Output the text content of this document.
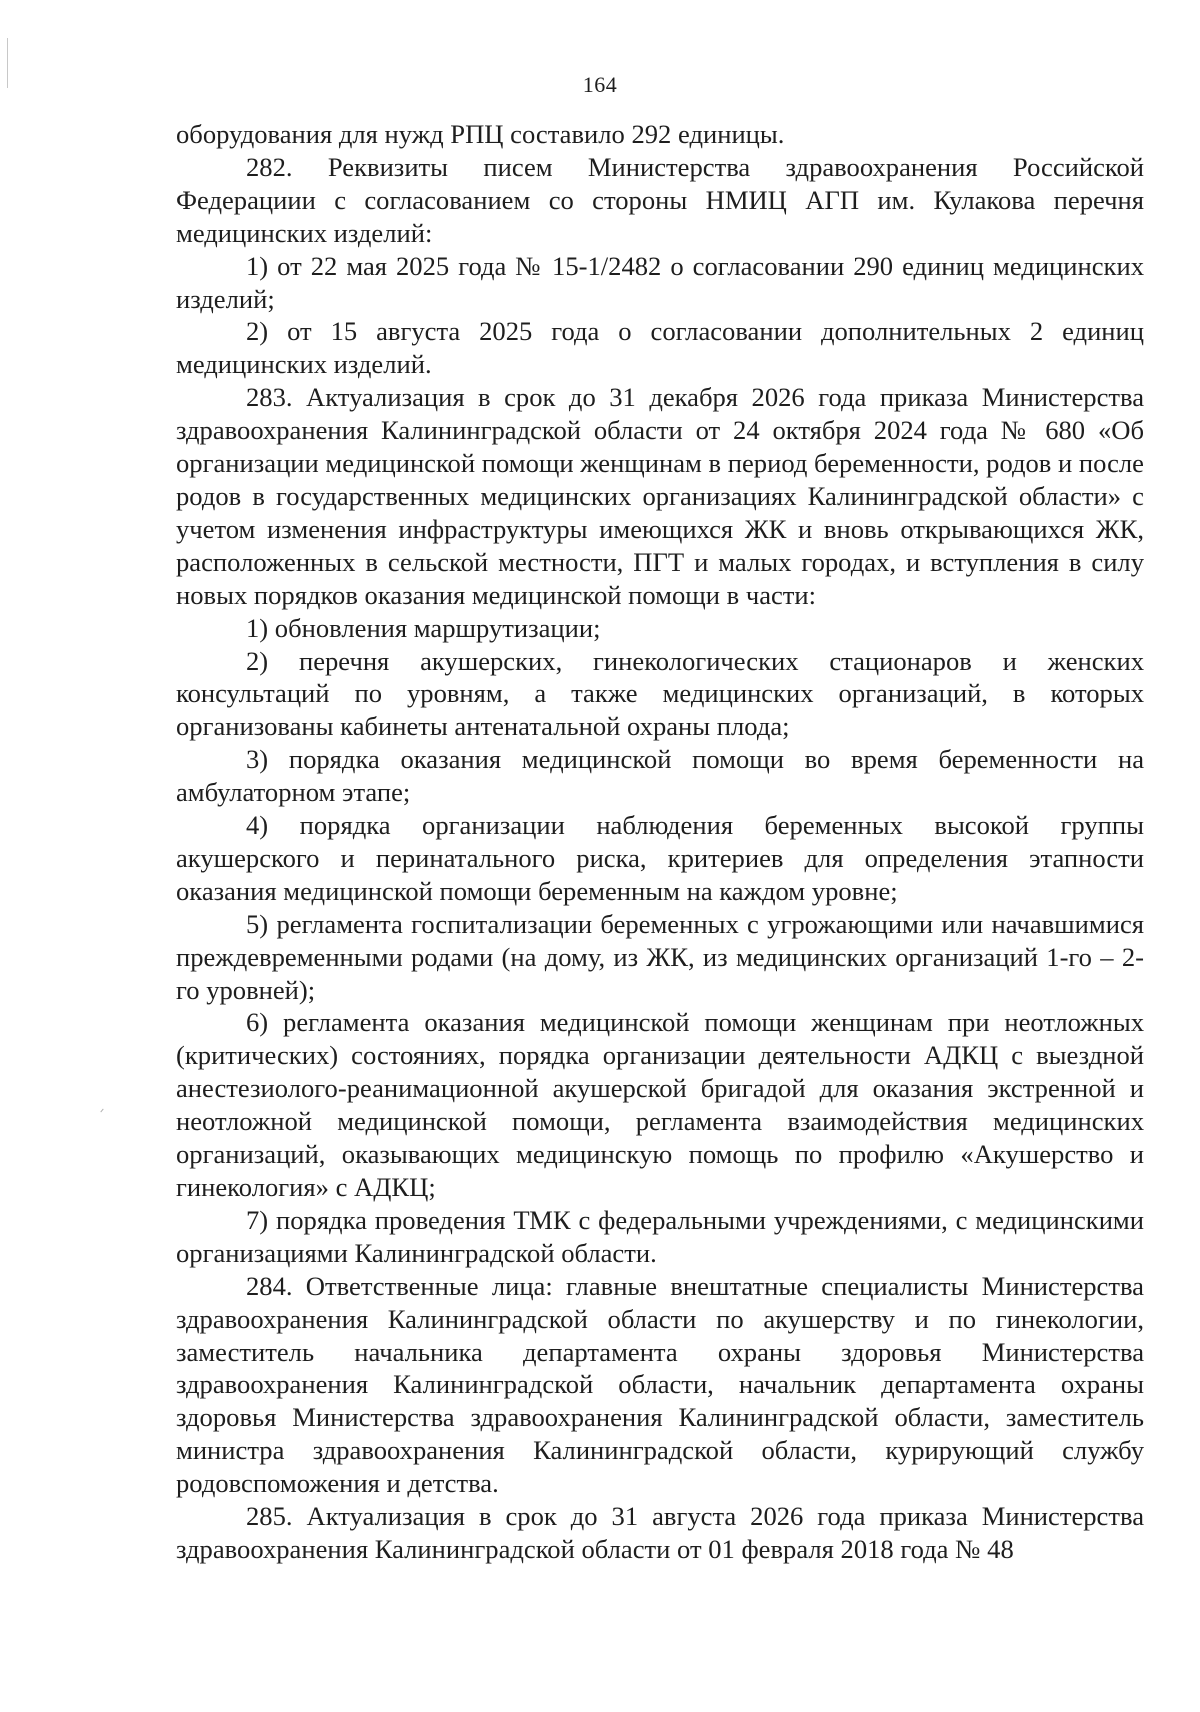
164

оборудования для нужд РПЦ составило 292 единицы.

282. Реквизиты писем Министерства здравоохранения Российской Федерациии с согласованием со стороны НМИЦ АГП им. Кулакова перечня медицинских изделий:

1) от 22 мая 2025 года № 15-1/2482 о согласовании 290 единиц медицинских изделий;

2) от 15 августа 2025 года о согласовании дополнительных 2 единиц медицинских изделий.

283. Актуализация в срок до 31 декабря 2026 года приказа Министерства здравоохранения Калининградской области от 24 октября 2024 года № 680 «Об организации медицинской помощи женщинам в период беременности, родов и после родов в государственных медицинских организациях Калининградской области» с учетом изменения инфраструктуры имеющихся ЖК и вновь открывающихся ЖК, расположенных в сельской местности, ПГТ и малых городах, и вступления в силу новых порядков оказания медицинской помощи в части:

1) обновления маршрутизации;

2) перечня акушерских, гинекологических стационаров и женских консультаций по уровням, а также медицинских организаций, в которых организованы кабинеты антенатальной охраны плода;

3) порядка оказания медицинской помощи во время беременности на амбулаторном этапе;

4) порядка организации наблюдения беременных высокой группы акушерского и перинатального риска, критериев для определения этапности оказания медицинской помощи беременным на каждом уровне;

5) регламента госпитализации беременных с угрожающими или начавшимися преждевременными родами (на дому, из ЖК, из медицинских организаций 1-го – 2-го уровней);

6) регламента оказания медицинской помощи женщинам при неотложных (критических) состояниях, порядка организации деятельности АДКЦ с выездной анестезиолого-реанимационной акушерской бригадой для оказания экстренной и неотложной медицинской помощи, регламента взаимодействия медицинских организаций, оказывающих медицинскую помощь по профилю «Акушерство и гинекология» с АДКЦ;

7) порядка проведения ТМК с федеральными учреждениями, с медицинскими организациями Калининградской области.

284. Ответственные лица: главные внештатные специалисты Министерства здравоохранения Калининградской области по акушерству и по гинекологии, заместитель начальника департамента охраны здоровья Министерства здравоохранения Калининградской области, начальник департамента охраны здоровья Министерства здравоохранения Калининградской области, заместитель министра здравоохранения Калининградской области, курирующий службу родовспоможения и детства.

285. Актуализация в срок до 31 августа 2026 года приказа Министерства здравоохранения Калининградской области от 01 февраля 2018 года № 48
